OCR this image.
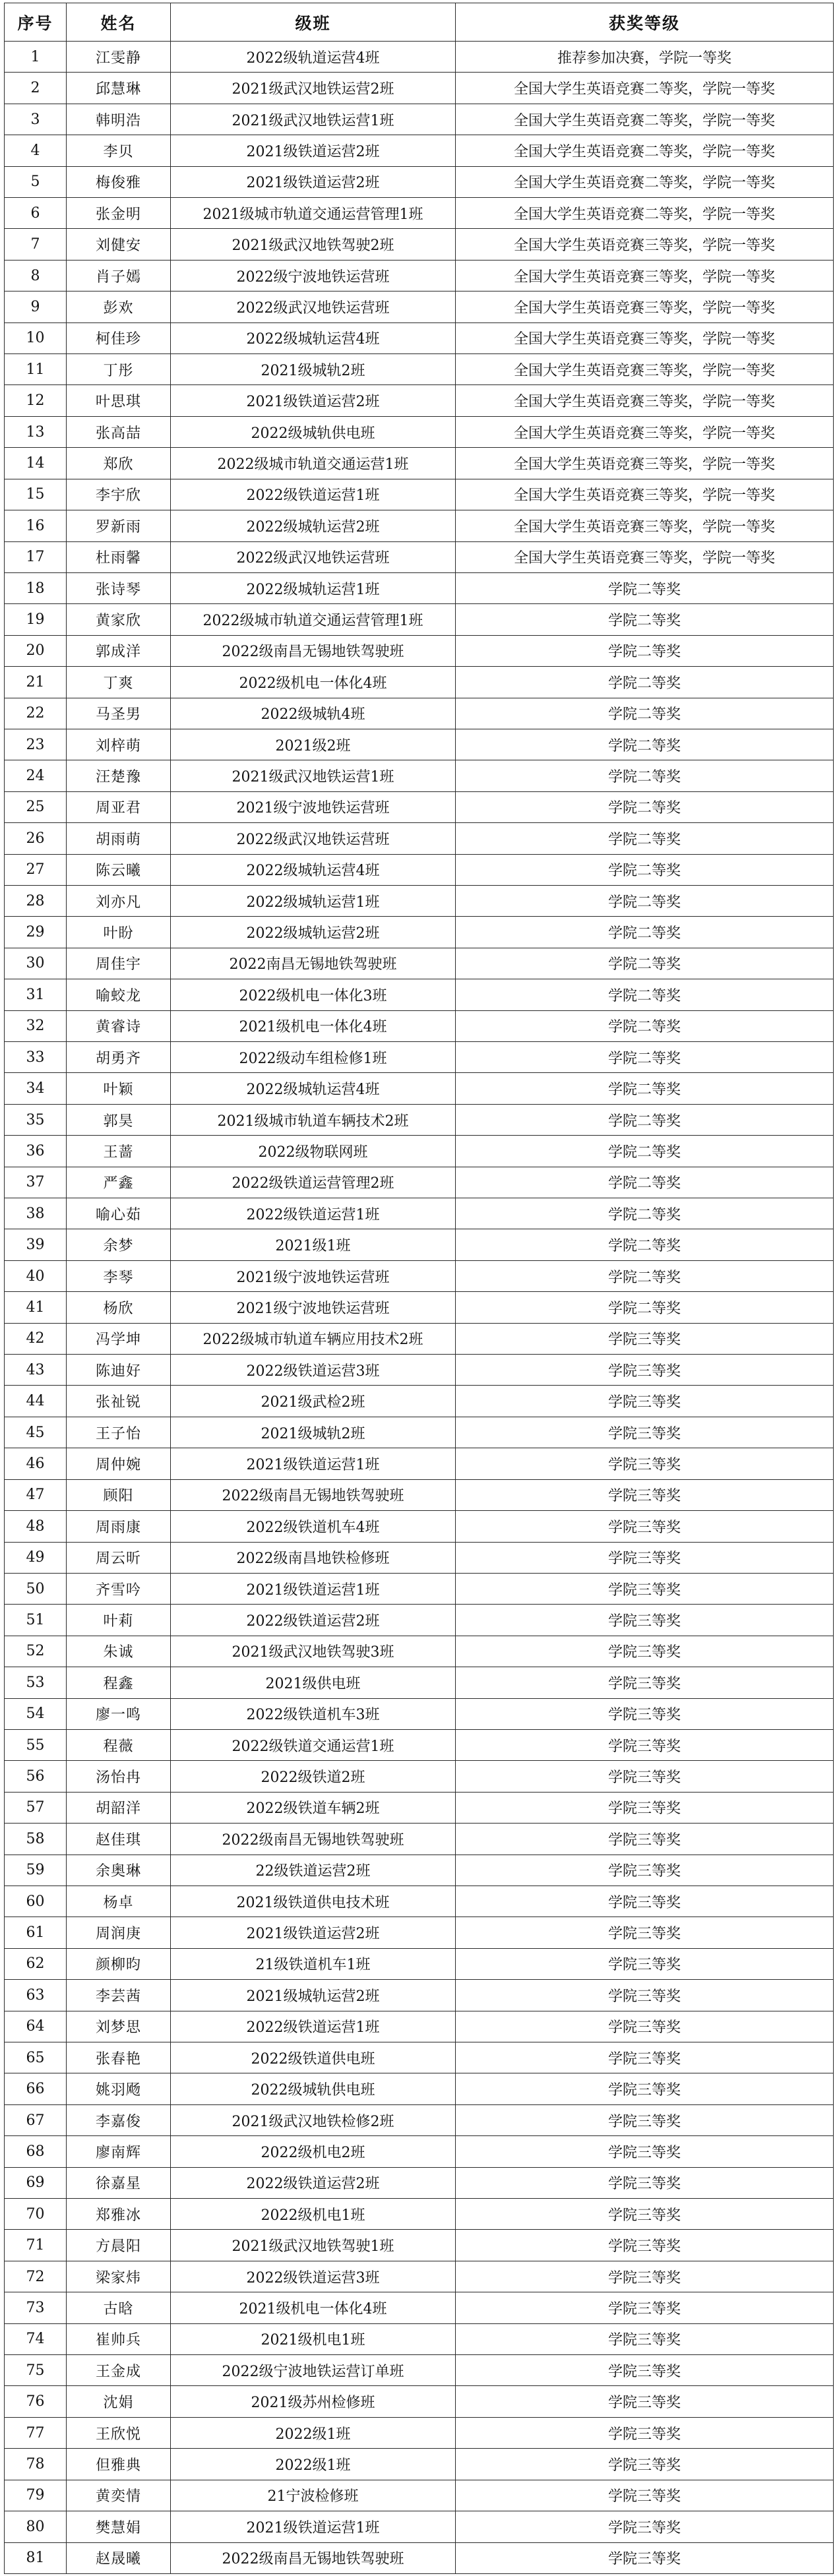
序号	姓名	级班	获奖等级
1	江雯静	2022级轨道运营4班	推荐参加决赛，学院一等奖
2	邱慧琳	2021级武汉地铁运营2班	全国大学生英语竞赛二等奖，学院一等奖
3	韩明浩	2021级武汉地铁运营1班	全国大学生英语竞赛二等奖，学院一等奖
4	李贝	2021级铁道运营2班	全国大学生英语竞赛二等奖，学院一等奖
5	梅俊雅	2021级铁道运营2班	全国大学生英语竞赛二等奖，学院一等奖
6	张金明	2021级城市轨道交通运营管理1班	全国大学生英语竞赛二等奖，学院一等奖
7	刘健安	2021级武汉地铁驾驶2班	全国大学生英语竞赛三等奖，学院一等奖
8	肖子嫣	2022级宁波地铁运营班	全国大学生英语竞赛三等奖，学院一等奖
9	彭欢	2022级武汉地铁运营班	全国大学生英语竞赛三等奖，学院一等奖
10	柯佳珍	2022级城轨运营4班	全国大学生英语竞赛三等奖，学院一等奖
11	丁彤	2021级城轨2班	全国大学生英语竞赛三等奖，学院一等奖
12	叶思琪	2021级铁道运营2班	全国大学生英语竞赛三等奖，学院一等奖
13	张高喆	2022级城轨供电班	全国大学生英语竞赛三等奖，学院一等奖
14	郑欣	2022级城市轨道交通运营1班	全国大学生英语竞赛三等奖，学院一等奖
15	李宇欣	2022级铁道运营1班	全国大学生英语竞赛三等奖，学院一等奖
16	罗新雨	2022级城轨运营2班	全国大学生英语竞赛三等奖，学院一等奖
17	杜雨馨	2022级武汉地铁运营班	全国大学生英语竞赛三等奖，学院一等奖
18	张诗琴	2022级城轨运营1班	学院二等奖
19	黄家欣	2022级城市轨道交通运营管理1班	学院二等奖
20	郭成洋	2022级南昌无锡地铁驾驶班	学院二等奖
21	丁爽	2022级机电一体化4班	学院二等奖
22	马圣男	2022级城轨4班	学院二等奖
23	刘梓萌	2021级2班	学院二等奖
24	汪楚豫	2021级武汉地铁运营1班	学院二等奖
25	周亚君	2021级宁波地铁运营班	学院二等奖
26	胡雨萌	2022级武汉地铁运营班	学院二等奖
27	陈云曦	2022级城轨运营4班	学院二等奖
28	刘亦凡	2022级城轨运营1班	学院二等奖
29	叶盼	2022级城轨运营2班	学院二等奖
30	周佳宇	2022南昌无锡地铁驾驶班	学院二等奖
31	喻蛟龙	2022级机电一体化3班	学院二等奖
32	黄睿诗	2021级机电一体化4班	学院二等奖
33	胡勇齐	2022级动车组检修1班	学院二等奖
34	叶颖	2022级城轨运营4班	学院二等奖
35	郭昊	2021级城市轨道车辆技术2班	学院二等奖
36	王蔷	2022级物联网班	学院二等奖
37	严鑫	2022级铁道运营管理2班	学院二等奖
38	喻心茹	2022级铁道运营1班	学院二等奖
39	余梦	2021级1班	学院二等奖
40	李琴	2021级宁波地铁运营班	学院二等奖
41	杨欣	2021级宁波地铁运营班	学院二等奖
42	冯学坤	2022级城市轨道车辆应用技术2班	学院三等奖
43	陈迪好	2022级铁道运营3班	学院三等奖
44	张祉锐	2021级武检2班	学院三等奖
45	王子怡	2021级城轨2班	学院三等奖
46	周仲婉	2021级铁道运营1班	学院三等奖
47	顾阳	2022级南昌无锡地铁驾驶班	学院三等奖
48	周雨康	2022级铁道机车4班	学院三等奖
49	周云昕	2022级南昌地铁检修班	学院三等奖
50	齐雪吟	2021级铁道运营1班	学院三等奖
51	叶莉	2022级铁道运营2班	学院三等奖
52	朱诚	2021级武汉地铁驾驶3班	学院三等奖
53	程鑫	2021级供电班	学院三等奖
54	廖一鸣	2022级铁道机车3班	学院三等奖
55	程薇	2022级铁道交通运营1班	学院三等奖
56	汤怡冉	2022级铁道2班	学院三等奖
57	胡韶洋	2022级铁道车辆2班	学院三等奖
58	赵佳琪	2022级南昌无锡地铁驾驶班	学院三等奖
59	余奥琳	22级铁道运营2班	学院三等奖
60	杨卓	2021级铁道供电技术班	学院三等奖
61	周润庚	2021级铁道运营2班	学院三等奖
62	颜柳昀	21级铁道机车1班	学院三等奖
63	李芸茜	2021级城轨运营2班	学院三等奖
64	刘梦思	2022级铁道运营1班	学院三等奖
65	张春艳	2022级铁道供电班	学院三等奖
66	姚羽飏	2022级城轨供电班	学院三等奖
67	李嘉俊	2021级武汉地铁检修2班	学院三等奖
68	廖南辉	2022级机电2班	学院三等奖
69	徐嘉星	2022级铁道运营2班	学院三等奖
70	郑雅冰	2022级机电1班	学院三等奖
71	方晨阳	2021级武汉地铁驾驶1班	学院三等奖
72	梁家炜	2022级铁道运营3班	学院三等奖
73	古晗	2021级机电一体化4班	学院三等奖
74	崔帅兵	2021级机电1班	学院三等奖
75	王金成	2022级宁波地铁运营订单班	学院三等奖
76	沈娟	2021级苏州检修班	学院三等奖
77	王欣悦	2022级1班	学院三等奖
78	但雅典	2022级1班	学院三等奖
79	黄奕情	21宁波检修班	学院三等奖
80	樊慧娟	2021级铁道运营1班	学院三等奖
81	赵晟曦	2022级南昌无锡地铁驾驶班	学院三等奖
